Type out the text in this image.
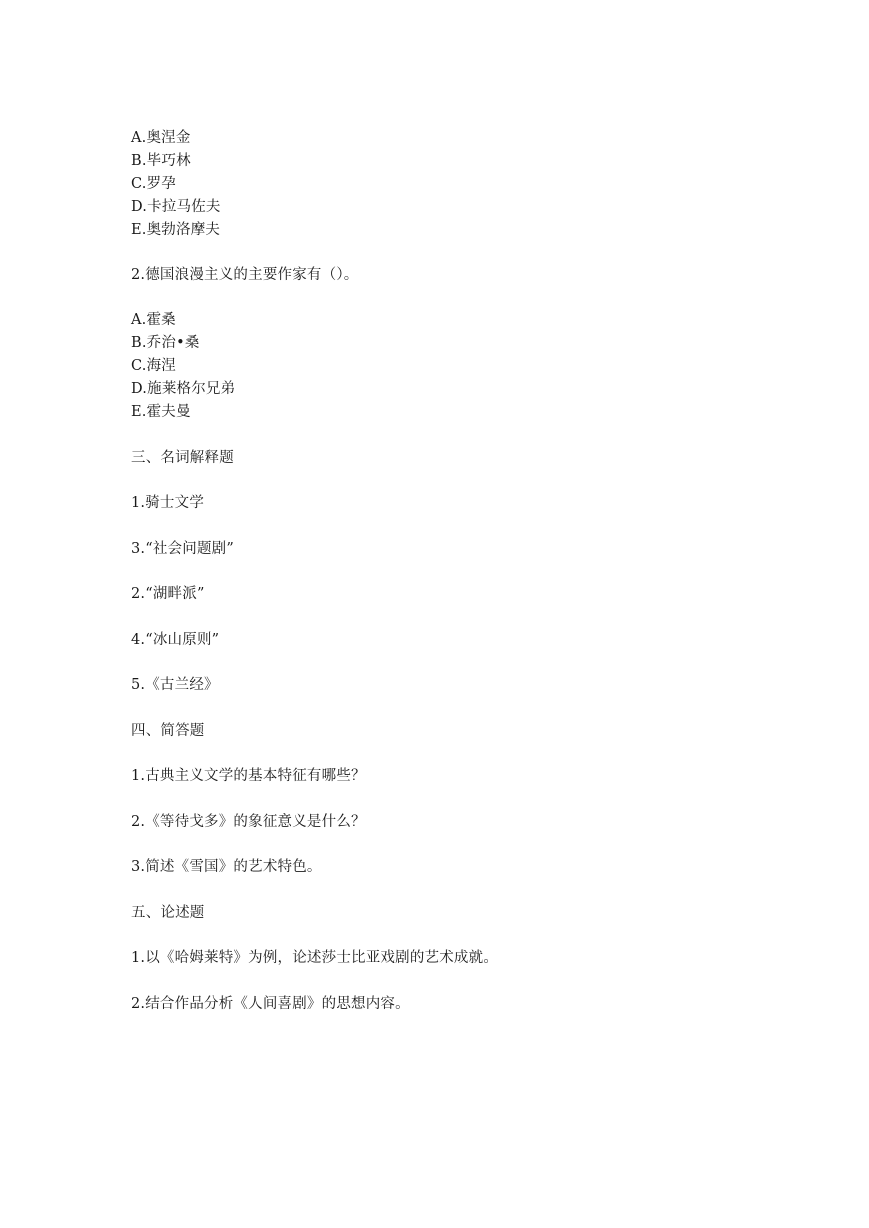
A.奥涅金
B.毕巧林
C.罗孕
D.卡拉马佐夫
E.奥勃洛摩夫
2.德国浪漫主义的主要作家有（）。
A.霍桑
B.乔治•桑
C.海涅
D.施莱格尔兄弟
E.霍夫曼
三、名词解释题
1.骑士文学
3.“社会问题剧”
2.“湖畔派”
4.“冰山原则”
5.《古兰经》
四、简答题
1.古典主义文学的基本特征有哪些？
2.《等待戈多》的象征意义是什么？
3.简述《雪国》的艺术特色。
五、论述题
1.以《哈姆莱特》为例，论述莎士比亚戏剧的艺术成就。
2.结合作品分析《人间喜剧》的思想内容。
